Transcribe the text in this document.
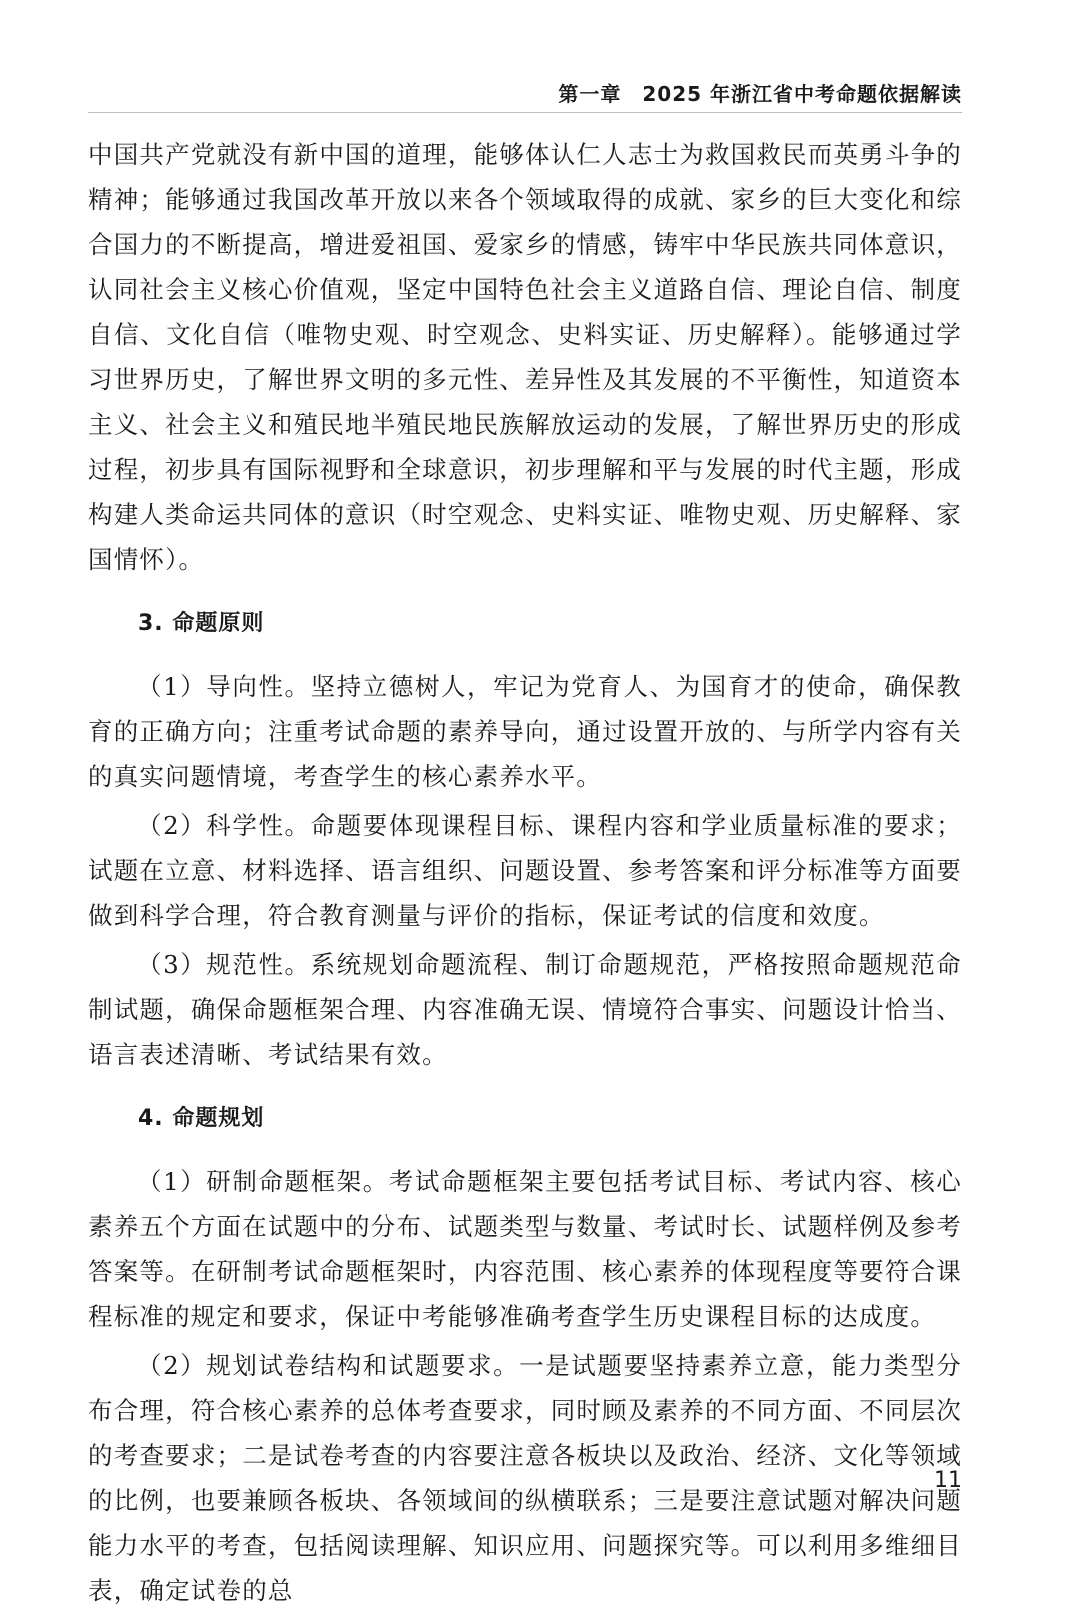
第一章　2025 年浙江省中考命题依据解读

中国共产党就没有新中国的道理，能够体认仁人志士为救国救民而英勇斗争的精神；能够通过我国改革开放以来各个领域取得的成就、家乡的巨大变化和综合国力的不断提高，增进爱祖国、爱家乡的情感，铸牢中华民族共同体意识，认同社会主义核心价值观，坚定中国特色社会主义道路自信、理论自信、制度自信、文化自信（唯物史观、时空观念、史料实证、历史解释）。能够通过学习世界历史，了解世界文明的多元性、差异性及其发展的不平衡性，知道资本主义、社会主义和殖民地半殖民地民族解放运动的发展，了解世界历史的形成过程，初步具有国际视野和全球意识，初步理解和平与发展的时代主题，形成构建人类命运共同体的意识（时空观念、史料实证、唯物史观、历史解释、家国情怀）。

3. 命题原则

（1）导向性。坚持立德树人，牢记为党育人、为国育才的使命，确保教育的正确方向；注重考试命题的素养导向，通过设置开放的、与所学内容有关的真实问题情境，考查学生的核心素养水平。

（2）科学性。命题要体现课程目标、课程内容和学业质量标准的要求；试题在立意、材料选择、语言组织、问题设置、参考答案和评分标准等方面要做到科学合理，符合教育测量与评价的指标，保证考试的信度和效度。

（3）规范性。系统规划命题流程、制订命题规范，严格按照命题规范命制试题，确保命题框架合理、内容准确无误、情境符合事实、问题设计恰当、语言表述清晰、考试结果有效。

4. 命题规划

（1）研制命题框架。考试命题框架主要包括考试目标、考试内容、核心素养五个方面在试题中的分布、试题类型与数量、考试时长、试题样例及参考答案等。在研制考试命题框架时，内容范围、核心素养的体现程度等要符合课程标准的规定和要求，保证中考能够准确考查学生历史课程目标的达成度。

（2）规划试卷结构和试题要求。一是试题要坚持素养立意，能力类型分布合理，符合核心素养的总体考查要求，同时顾及素养的不同方面、不同层次的考查要求；二是试卷考查的内容要注意各板块以及政治、经济、文化等领域的比例，也要兼顾各板块、各领域间的纵横联系；三是要注意试题对解决问题能力水平的考查，包括阅读理解、知识应用、问题探究等。可以利用多维细目表，确定试卷的总

11
